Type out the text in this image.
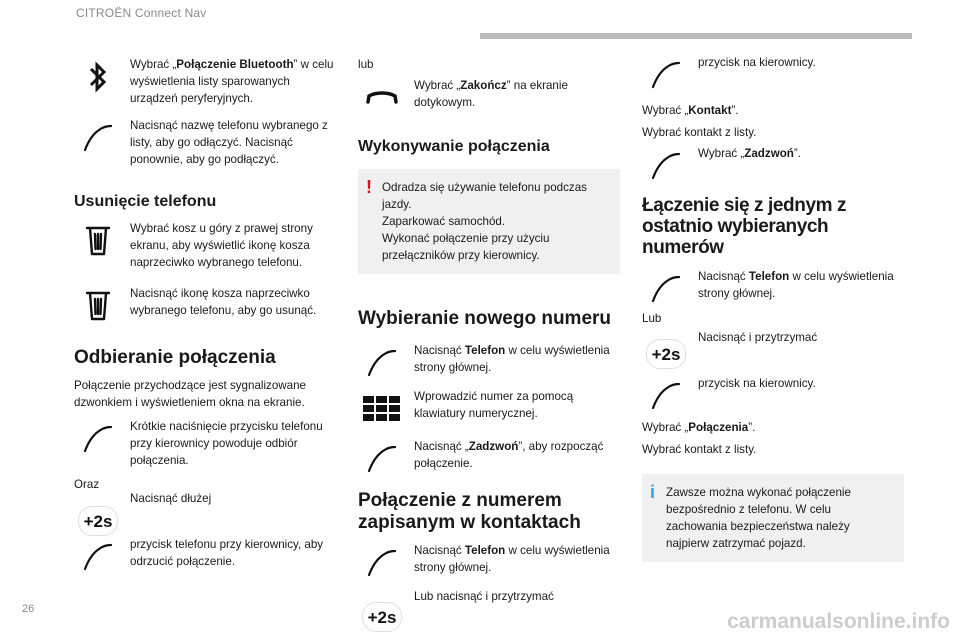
CITROËN Connect Nav
Wybrać „Połączenie Bluetooth” w celu wyświetlenia listy sparowanych urządzeń peryferyjnych.
Nacisnąć nazwę telefonu wybranego z listy, aby go odłączyć. Nacisnąć ponownie, aby go podłączyć.
Usunięcie telefonu
Wybrać kosz u góry z prawej strony ekranu, aby wyświetlić ikonę kosza naprzeciwko wybranego telefonu.
Nacisnąć ikonę kosza naprzeciwko wybranego telefonu, aby go usunąć.
Odbieranie połączenia
Połączenie przychodzące jest sygnalizowane dzwonkiem i wyświetleniem okna na ekranie.
Krótkie naciśnięcie przycisku telefonu przy kierownicy powoduje odbiór połączenia.
Oraz
+2s
Nacisnąć dłużej
przycisk telefonu przy kierownicy, aby odrzucić połączenie.
lub
Wybrać „Zakończ” na ekranie dotykowym.
Wykonywanie połączenia
! Odradza się używanie telefonu podczas jazdy.
Zaparkować samochód.
Wykonać połączenie przy użyciu przełączników przy kierownicy.
Wybieranie nowego numeru
Nacisnąć Telefon w celu wyświetlenia strony głównej.
Wprowadzić numer za pomocą klawiatury numerycznej.
Nacisnąć „Zadzwoń”, aby rozpocząć połączenie.
Połączenie z numerem zapisanym w kontaktach
Nacisnąć Telefon w celu wyświetlenia strony głównej.
+2s
Lub nacisnąć i przytrzymać
przycisk na kierownicy.
Wybrać „Kontakt”.
Wybrać kontakt z listy.
Wybrać „Zadzwoń”.
Łączenie się z jednym z ostatnio wybieranych numerów
Nacisnąć Telefon w celu wyświetlenia strony głównej.
Lub
+2s
Nacisnąć i przytrzymać
przycisk na kierownicy.
Wybrać „Połączenia”.
Wybrać kontakt z listy.
i Zawsze można wykonać połączenie bezpośrednio z telefonu. W celu zachowania bezpieczeństwa należy najpierw zatrzymać pojazd.
26
carmanualsonline.info
